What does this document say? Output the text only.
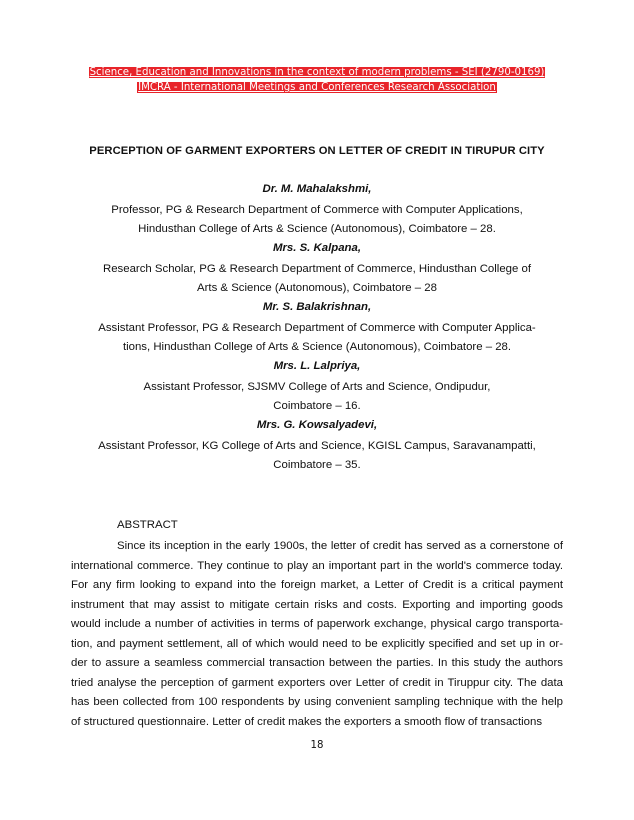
Science, Education and Innovations in the context of modern problems - SEI (2790-0169)
IMCRA - International Meetings and Conferences Research Association
PERCEPTION OF GARMENT EXPORTERS ON LETTER OF CREDIT IN TIRUPUR CITY
Dr. M. Mahalakshmi,
Professor, PG & Research Department of Commerce with Computer Applications,
Hindusthan College of Arts & Science (Autonomous), Coimbatore – 28.
Mrs. S. Kalpana,
Research Scholar, PG & Research Department of Commerce, Hindusthan College of
Arts & Science (Autonomous), Coimbatore – 28
Mr. S. Balakrishnan,
Assistant Professor, PG & Research Department of Commerce with Computer Applica-
tions, Hindusthan College of Arts & Science (Autonomous), Coimbatore – 28.
Mrs. L. Lalpriya,
Assistant Professor, SJSMV College of Arts and Science, Ondipudur,
Coimbatore – 16.
Mrs. G. Kowsalyadevi,
Assistant Professor, KG College of Arts and Science, KGISL Campus, Saravanampatti,
Coimbatore – 35.
ABSTRACT

Since its inception in the early 1900s, the letter of credit has served as a cornerstone of international commerce. They continue to play an important part in the world's commerce today. For any firm looking to expand into the foreign market, a Letter of Credit is a critical payment instrument that may assist to mitigate certain risks and costs. Exporting and importing goods would include a number of activities in terms of paperwork exchange, physical cargo transporta-tion, and payment settlement, all of which would need to be explicitly specified and set up in or-der to assure a seamless commercial transaction between the parties. In this study the authors tried analyse the perception of garment exporters over Letter of credit in Tiruppur city. The data has been collected from 100 respondents by using convenient sampling technique with the help of structured questionnaire. Letter of credit makes the exporters a smooth flow of transactions

18
